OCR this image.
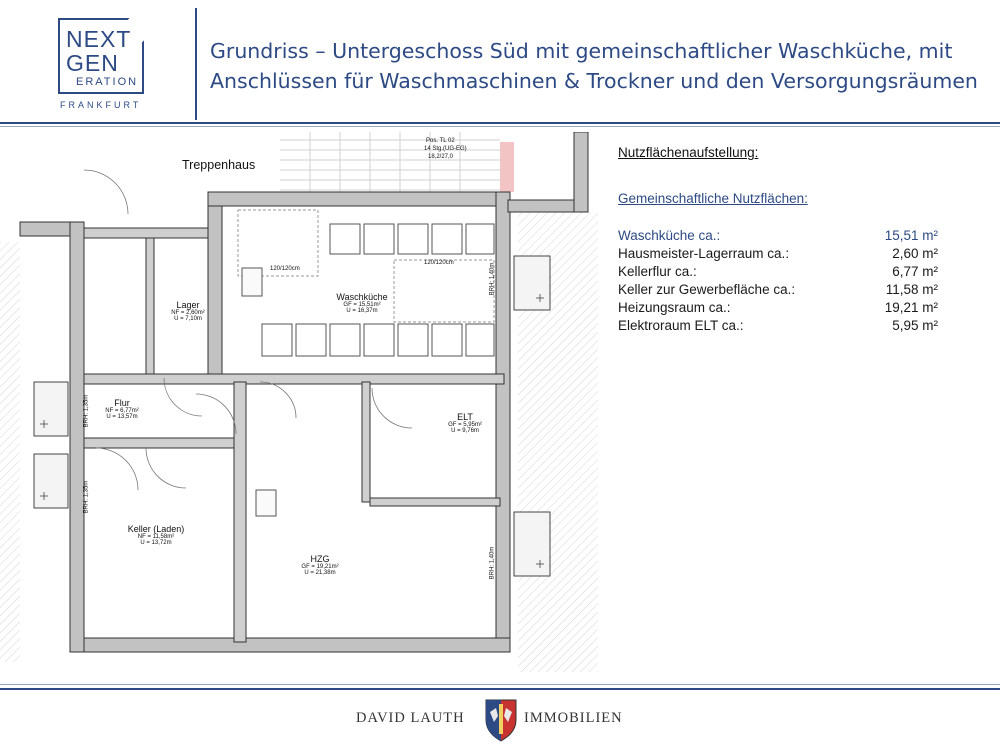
NEXT
GEN
ERATION
FRANKFURT
Grundriss – Untergeschoss Süd mit gemeinschaftlicher Waschküche, mit
Anschlüssen für Waschmaschinen & Trockner und den Versorgungsräumen
Treppenhaus
Pos. TL 02
14 Stg.(UG-EG)
18,2/27,0
120/120cm
120/120cm	BRH: 1,40m
BRH: 1,35m
BRH: 1,35m
BRH: 1,40m
Lager
NF = 2,60m²
U = 7,10m
Waschküche
GF = 15,51m²
U = 16,37m
Flur
NF = 6,77m²
U = 13,57m	ELT
GF = 5,95m²
U = 9,76m
Keller (Laden)
NF = 11,58m²
U = 13,72m
HZG
GF = 19,21m²
U = 21,38m
Nutzflächenaufstellung:
Gemeinschaftliche Nutzflächen:
Waschküche ca.:	15,51 m²
Hausmeister-Lagerraum ca.:	2,60 m²
Kellerflur ca.:	6,77 m²
Keller zur Gewerbefläche ca.:	11,58 m²
Heizungsraum ca.:	19,21 m²
Elektroraum ELT ca.:	5,95 m²
DAVID LAUTH	IMMOBILIEN
